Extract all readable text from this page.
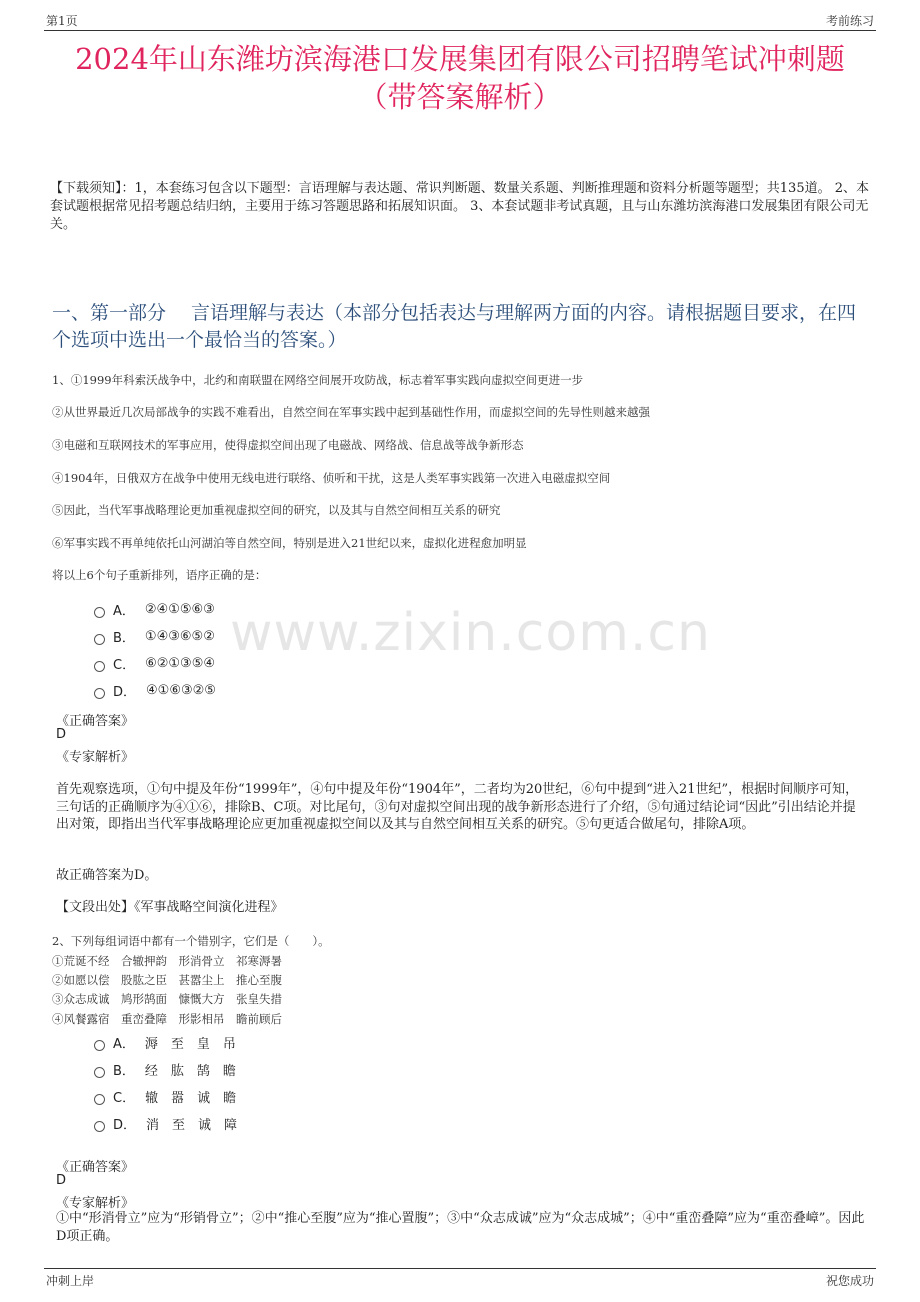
第1页	考前练习
2024年山东潍坊滨海港口发展集团有限公司招聘笔试冲刺题（带答案解析）
【下载须知】：1，本套练习包含以下题型：言语理解与表达题、常识判断题、数量关系题、判断推理题和资料分析题等题型；共135道。 2、本套试题根据常见招考题总结归纳，主要用于练习答题思路和拓展知识面。 3、本套试题非考试真题，且与山东潍坊滨海港口发展集团有限公司无关。
一、第一部分　 言语理解与表达（本部分包括表达与理解两方面的内容。请根据题目要求，在四个选项中选出一个最恰当的答案。）
www.zixin.com.cn
1、①1999年科索沃战争中，北约和南联盟在网络空间展开攻防战，标志着军事实践向虚拟空间更进一步
②从世界最近几次局部战争的实践不难看出，自然空间在军事实践中起到基础性作用，而虚拟空间的先导性则越来越强
③电磁和互联网技术的军事应用，使得虚拟空间出现了电磁战、网络战、信息战等战争新形态
④1904年，日俄双方在战争中使用无线电进行联络、侦听和干扰，这是人类军事实践第一次进入电磁虚拟空间
⑤因此，当代军事战略理论更加重视虚拟空间的研究，以及其与自然空间相互关系的研究
⑥军事实践不再单纯依托山河湖泊等自然空间，特别是进入21世纪以来，虚拟化进程愈加明显
将以上6个句子重新排列，语序正确的是：
A． ②④①⑤⑥③
B． ①④③⑥⑤②
C． ⑥②①③⑤④
D． ④①⑥③②⑤
《正确答案》
D
《专家解析》
首先观察选项，①句中提及年份“1999年”，④句中提及年份“1904年”，二者均为20世纪，⑥句中提到“进入21世纪”，根据时间顺序可知，三句话的正确顺序为④①⑥，排除B、C项。对比尾句，③句对虚拟空间出现的战争新形态进行了介绍，⑤句通过结论词“因此”引出结论并提出对策，即指出当代军事战略理论应更加重视虚拟空间以及其与自然空间相互关系的研究。⑤句更适合做尾句，排除A项。
故正确答案为D。
【文段出处】《军事战略空间演化进程》
2、下列每组词语中都有一个错别字，它们是（　　）。
①荒诞不经　合辙押韵　形消骨立　祁寒溽暑
②如愿以偿　股肱之臣　甚嚣尘上　推心至腹
③众志成诚　鸠形鹄面　慷慨大方　张皇失措
④风餐露宿　重峦叠障　形影相吊　瞻前顾后
A． 溽　至　皇　吊
B． 经　肱　鹄　瞻
C． 辙　嚣　诚　瞻
D． 消　至　诚　障
《正确答案》
D
《专家解析》
①中“形消骨立”应为“形销骨立”；②中“推心至腹”应为“推心置腹”；③中“众志成诚”应为“众志成城”；④中“重峦叠障”应为“重峦叠嶂”。因此D项正确。
冲刺上岸	祝您成功
